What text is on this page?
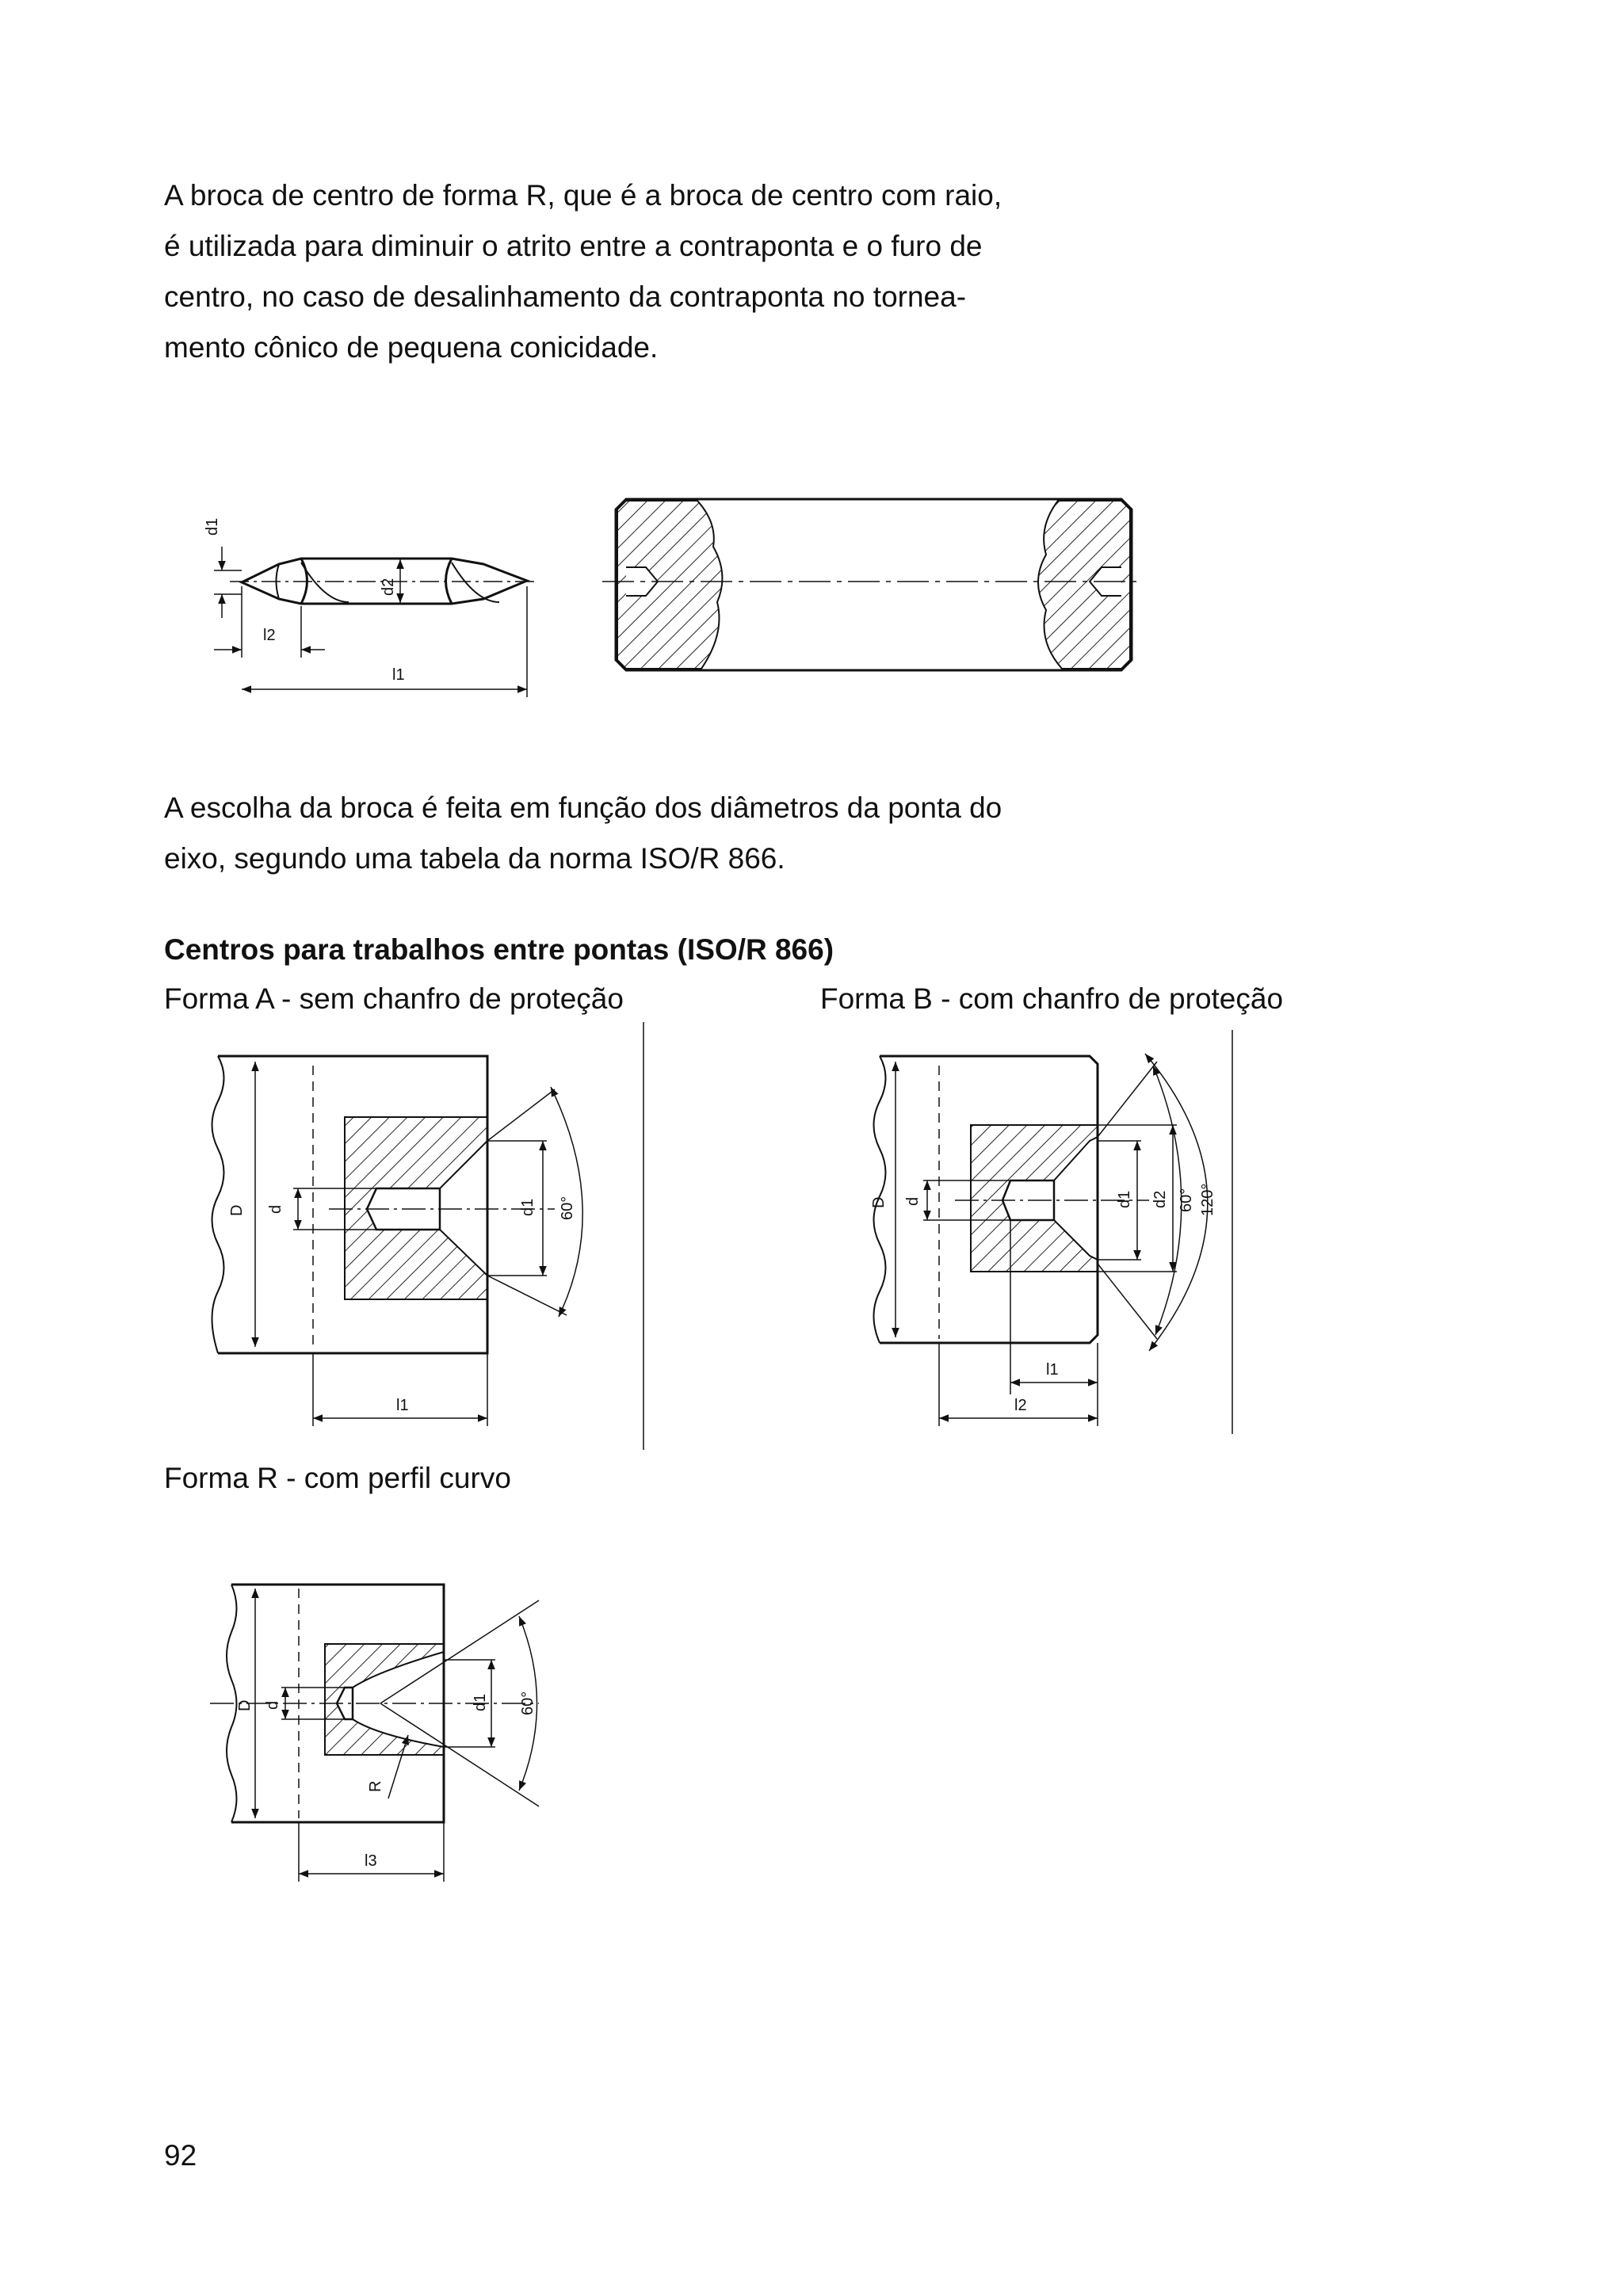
A broca de centro de forma R, que é a broca de centro com raio,
é utilizada para diminuir o atrito entre a contraponta e o furo de
centro, no caso de desalinhamento da contraponta no tornea-
mento cônico de pequena conicidade.

d1
d2
l2
l1
D d	d1 60°
l1
D d	d1 d2 60° 120°
l1
l2
D d	d1 60°
R
l3

A escolha da broca é feita em função dos diâmetros da ponta do
eixo, segundo uma tabela da norma ISO/R 866.

Centros para trabalhos entre pontas (ISO/R 866)

Forma A - sem chanfro de proteção	Forma B - com chanfro de proteção

Forma R - com perfil curvo

92
